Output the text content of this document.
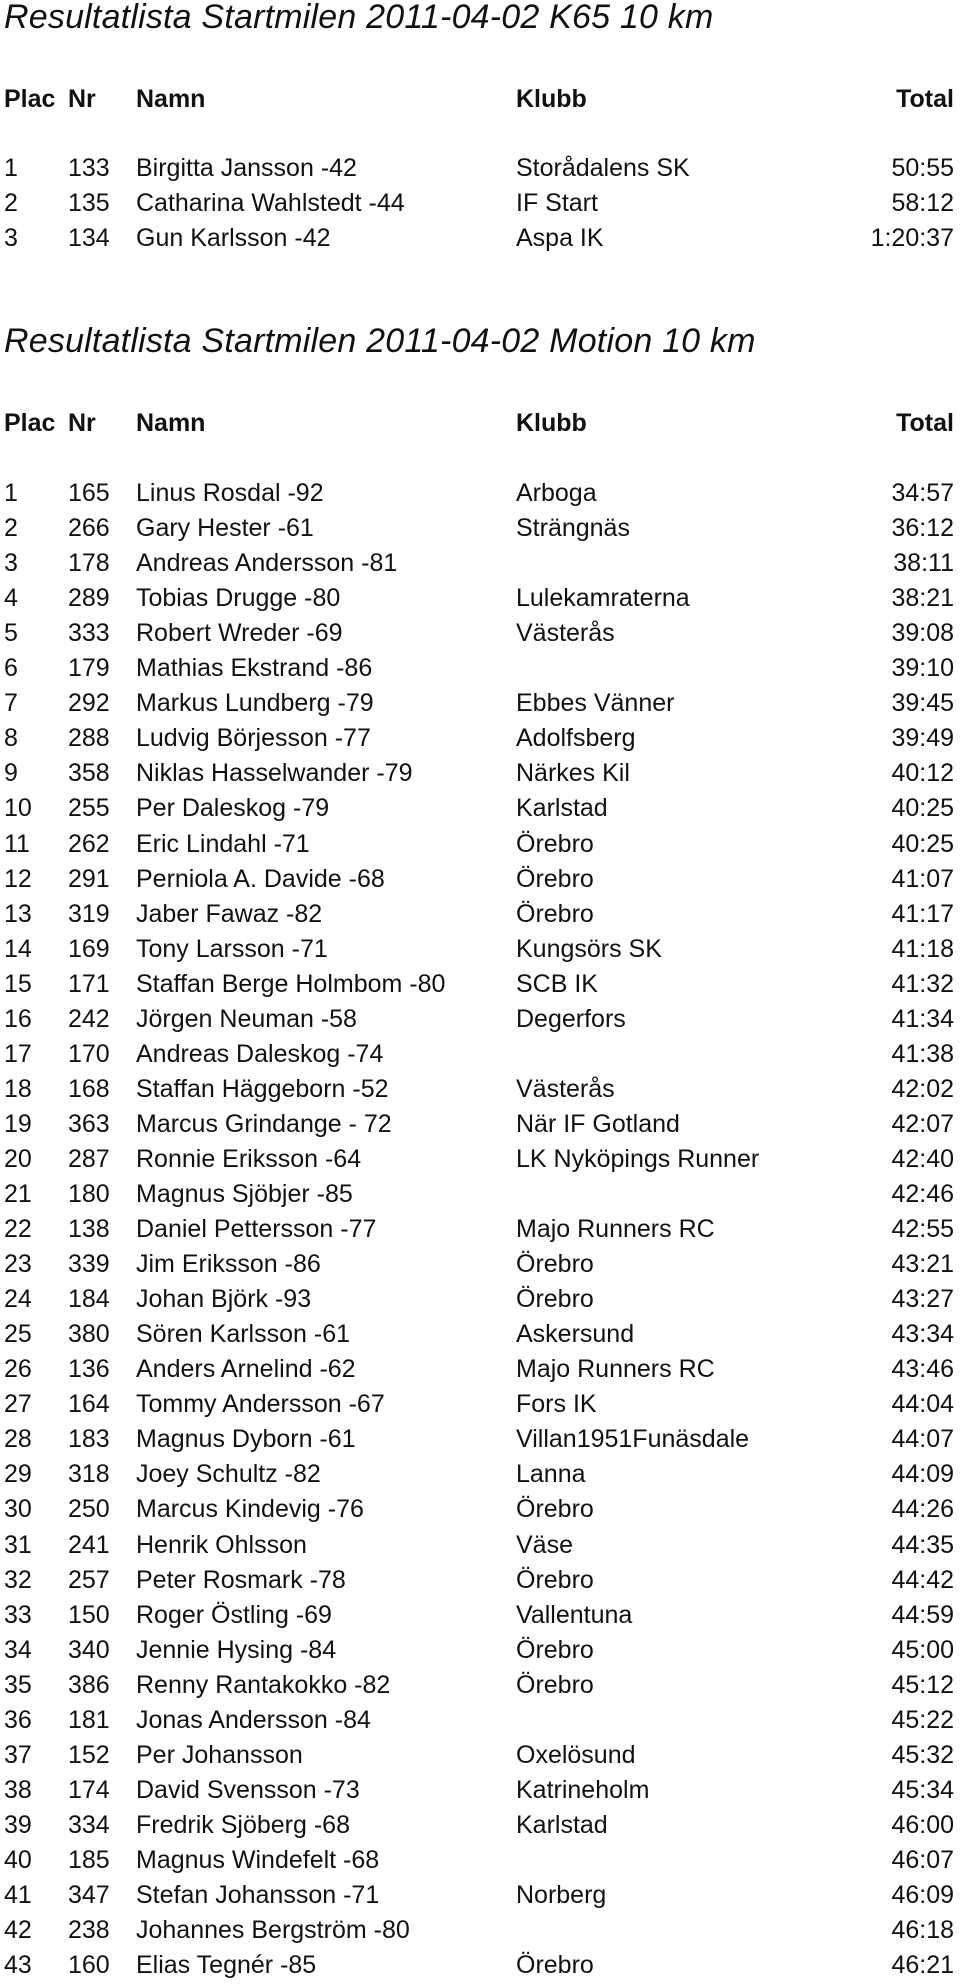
Resultatlista Startmilen 2011-04-02 K65 10 km
Plac Nr Namn	Klubb	Total
1 133 Birgitta Jansson -42	Storådalens SK	50:55
2 135 Catharina Wahlstedt -44	IF Start	58:12
3 134 Gun Karlsson -42	Aspa IK	1:20:37
Resultatlista Startmilen 2011-04-02 Motion 10 km
Plac Nr Namn	Klubb	Total
1 165 Linus Rosdal -92	Arboga	34:57
2 266 Gary Hester -61	Strängnäs	36:12
3 178 Andreas Andersson -81	38:11
4 289 Tobias Drugge -80	Lulekamraterna	38:21
5 333 Robert Wreder -69	Västerås	39:08
6 179 Mathias Ekstrand -86	39:10
7 292 Markus Lundberg -79	Ebbes Vänner	39:45
8 288 Ludvig Börjesson -77	Adolfsberg	39:49
9 358 Niklas Hasselwander -79	Närkes Kil	40:12
10 255 Per Daleskog -79	Karlstad	40:25
11 262 Eric Lindahl -71	Örebro	40:25
12 291 Perniola A. Davide -68	Örebro	41:07
13 319 Jaber Fawaz -82	Örebro	41:17
14 169 Tony Larsson -71	Kungsörs SK	41:18
15 171 Staffan Berge Holmbom -80	SCB IK	41:32
16 242 Jörgen Neuman -58	Degerfors	41:34
17 170 Andreas Daleskog -74	41:38
18 168 Staffan Häggeborn -52	Västerås	42:02
19 363 Marcus Grindange - 72	När IF Gotland	42:07
20 287 Ronnie Eriksson -64	LK Nyköpings Runner	42:40
21 180 Magnus Sjöbjer -85	42:46
22 138 Daniel Pettersson -77	Majo Runners RC	42:55
23 339 Jim Eriksson -86	Örebro	43:21
24 184 Johan Björk -93	Örebro	43:27
25 380 Sören Karlsson -61	Askersund	43:34
26 136 Anders Arnelind -62	Majo Runners RC	43:46
27 164 Tommy Andersson -67	Fors IK	44:04
28 183 Magnus Dyborn -61	Villan1951Funäsdale	44:07
29 318 Joey Schultz -82	Lanna	44:09
30 250 Marcus Kindevig -76	Örebro	44:26
31 241 Henrik Ohlsson	Väse	44:35
32 257 Peter Rosmark -78	Örebro	44:42
33 150 Roger Östling -69	Vallentuna	44:59
34 340 Jennie Hysing -84	Örebro	45:00
35 386 Renny Rantakokko -82	Örebro	45:12
36 181 Jonas Andersson -84	45:22
37 152 Per Johansson	Oxelösund	45:32
38 174 David Svensson -73	Katrineholm	45:34
39 334 Fredrik Sjöberg -68	Karlstad	46:00
40 185 Magnus Windefelt -68	46:07
41 347 Stefan Johansson -71	Norberg	46:09
42 238 Johannes Bergström -80	46:18
43 160 Elias Tegnér -85	Örebro	46:21
